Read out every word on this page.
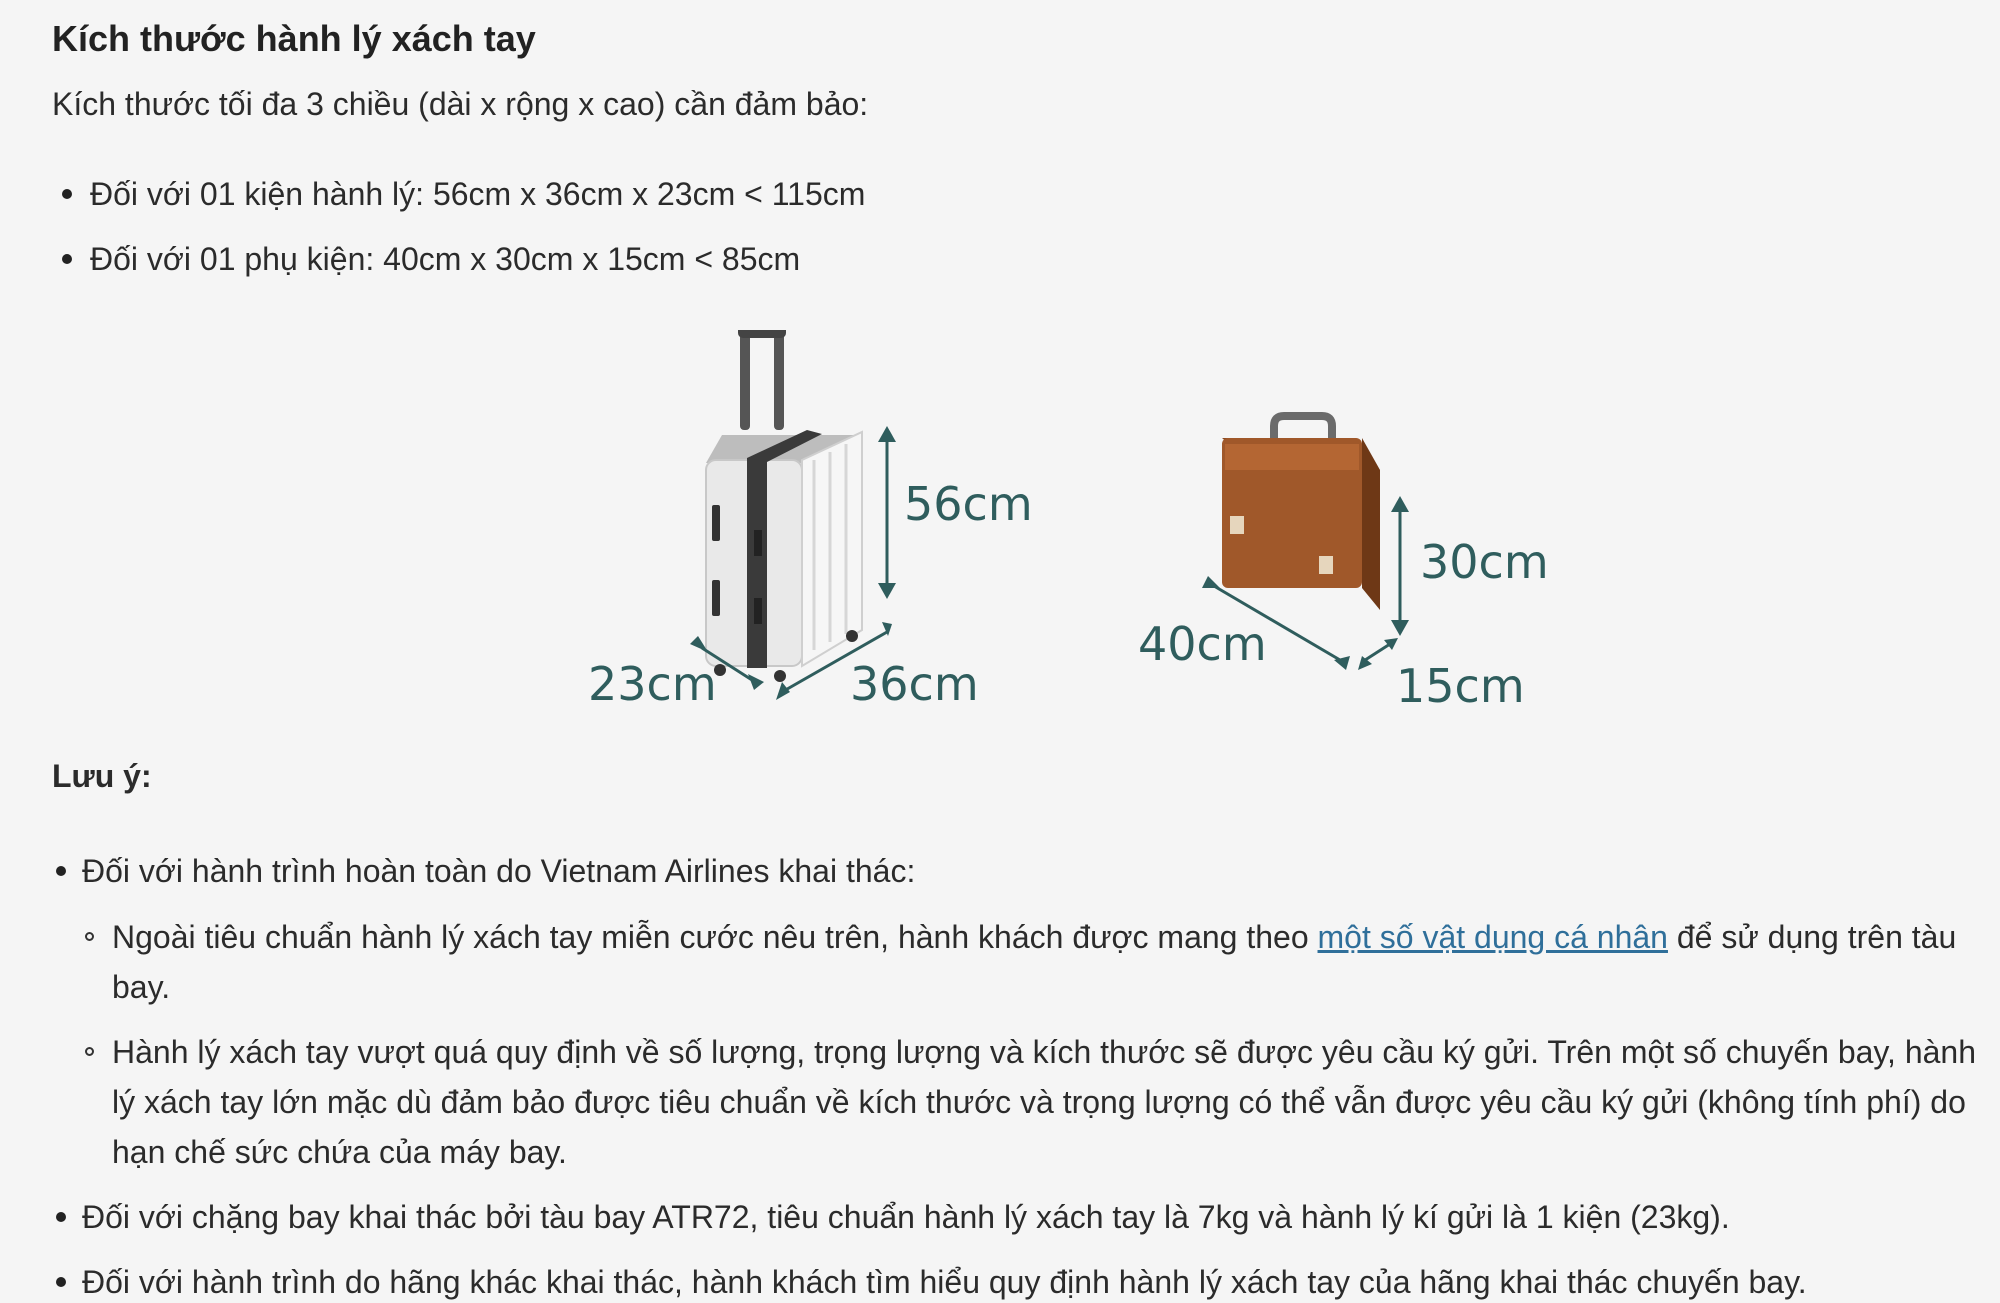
Kích thước hành lý xách tay

Kích thước tối đa 3 chiều (dài x rộng x cao) cần đảm bảo:

Đối với 01 kiện hành lý: 56cm x 36cm x 23cm < 115cm
Đối với 01 phụ kiện: 40cm x 30cm x 15cm < 85cm
56cm
23cm	36cm
30cm
40cm
15cm

Lưu ý:

Đối với hành trình hoàn toàn do Vietnam Airlines khai thác:
Ngoài tiêu chuẩn hành lý xách tay miễn cước nêu trên, hành khách được mang theo một số vật dụng cá nhân để sử dụng trên tàu bay.
Hành lý xách tay vượt quá quy định về số lượng, trọng lượng và kích thước sẽ được yêu cầu ký gửi. Trên một số chuyến bay, hành lý xách tay lớn mặc dù đảm bảo được tiêu chuẩn về kích thước và trọng lượng có thể vẫn được yêu cầu ký gửi (không tính phí) do hạn chế sức chứa của máy bay.
Đối với chặng bay khai thác bởi tàu bay ATR72, tiêu chuẩn hành lý xách tay là 7kg và hành lý kí gửi là 1 kiện (23kg).
Đối với hành trình do hãng khác khai thác, hành khách tìm hiểu quy định hành lý xách tay của hãng khai thác chuyến bay.
